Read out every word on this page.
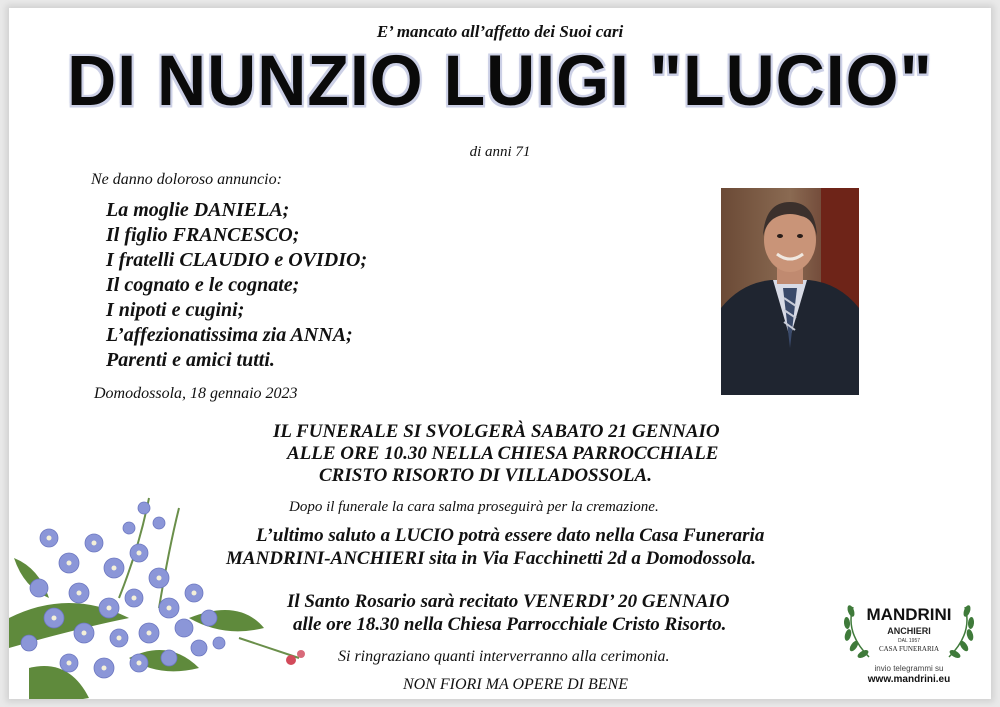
E’ mancato all’affetto dei Suoi cari
DI NUNZIO LUIGI "LUCIO"
di anni 71
Ne danno doloroso annuncio:
La moglie DANIELA;
Il figlio FRANCESCO;
I fratelli CLAUDIO e OVIDIO;
Il cognato e le cognate;
I nipoti e cugini;
L’affezionatissima zia ANNA;
Parenti e amici tutti.
Domodossola, 18 gennaio 2023
IL FUNERALE SI SVOLGERÀ SABATO 21 GENNAIO
ALLE ORE 10.30 NELLA CHIESA PARROCCHIALE
CRISTO RISORTO DI VILLADOSSOLA.
Dopo il funerale la cara salma proseguirà per la cremazione.
L’ultimo saluto a LUCIO potrà essere dato nella Casa Funeraria
MANDRINI-ANCHIERI sita in Via Facchinetti 2d a Domodossola.
Il Santo Rosario sarà recitato VENERDI’ 20 GENNAIO
alle ore 18.30 nella Chiesa Parrocchiale Cristo Risorto.
Si ringraziano quanti interverranno alla cerimonia.
NON FIORI MA OPERE DI BENE
MANDRINI
ANCHIERI
DAL 1957
CASA FUNERARIA
invio telegrammi su
www.mandrini.eu
